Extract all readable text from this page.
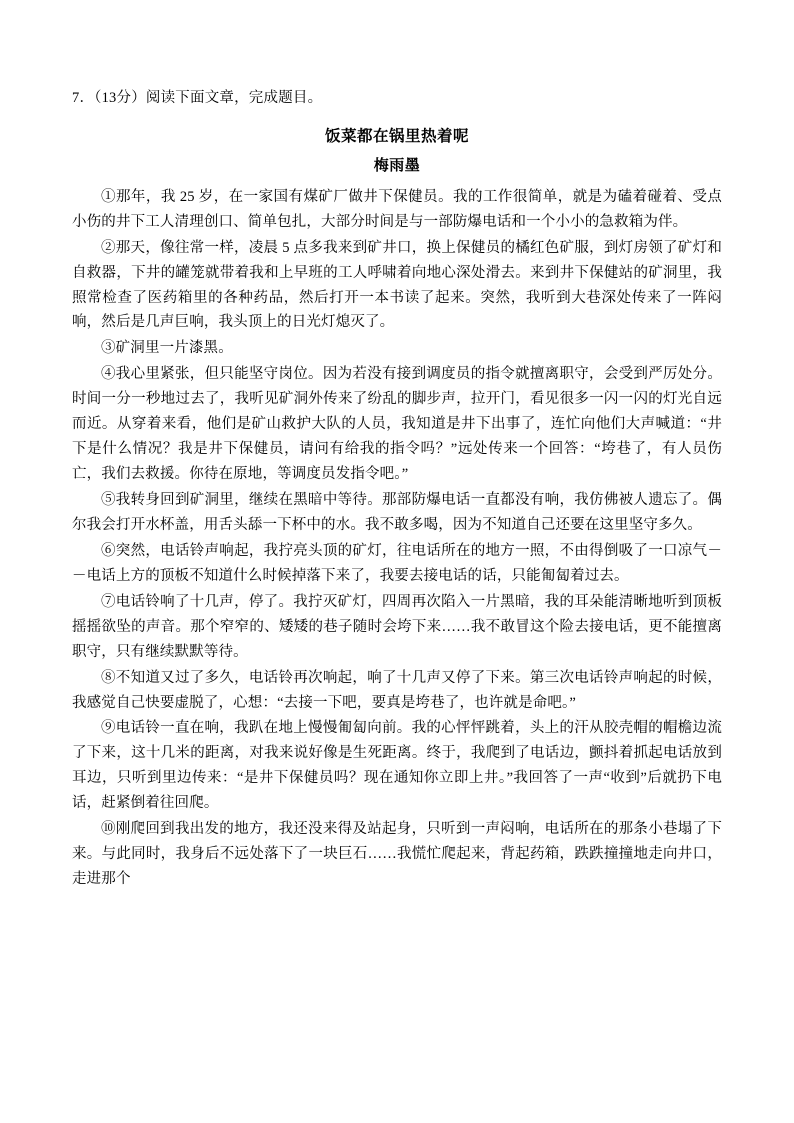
7．（13分）阅读下面文章，完成题目。

饭菜都在锅里热着呢
梅雨墨

①那年，我 25 岁，在一家国有煤矿厂做井下保健员。我的工作很简单，就是为磕着碰着、受点小伤的井下工人清理创口、简单包扎，大部分时间是与一部防爆电话和一个小小的急救箱为伴。

②那天，像往常一样，凌晨 5 点多我来到矿井口，换上保健员的橘红色矿服，到灯房领了矿灯和自救器，下井的罐笼就带着我和上早班的工人呼啸着向地心深处滑去。来到井下保健站的矿洞里，我照常检查了医药箱里的各种药品，然后打开一本书读了起来。突然，我听到大巷深处传来了一阵闷响，然后是几声巨响，我头顶上的日光灯熄灭了。

③矿洞里一片漆黑。

④我心里紧张，但只能坚守岗位。因为若没有接到调度员的指令就擅离职守，会受到严厉处分。时间一分一秒地过去了，我听见矿洞外传来了纷乱的脚步声，拉开门，看见很多一闪一闪的灯光自远而近。从穿着来看，他们是矿山救护大队的人员，我知道是井下出事了，连忙向他们大声喊道：“井下是什么情况？我是井下保健员，请问有给我的指令吗？”远处传来一个回答：“垮巷了，有人员伤亡，我们去救援。你待在原地，等调度员发指令吧。”

⑤我转身回到矿洞里，继续在黑暗中等待。那部防爆电话一直都没有响，我仿佛被人遗忘了。偶尔我会打开水杯盖，用舌头舔一下杯中的水。我不敢多喝，因为不知道自己还要在这里坚守多久。

⑥突然，电话铃声响起，我拧亮头顶的矿灯，往电话所在的地方一照，不由得倒吸了一口凉气－－电话上方的顶板不知道什么时候掉落下来了，我要去接电话的话，只能匍匐着过去。

⑦电话铃响了十几声，停了。我拧灭矿灯，四周再次陷入一片黑暗，我的耳朵能清晰地听到顶板摇摇欲坠的声音。那个窄窄的、矮矮的巷子随时会垮下来……我不敢冒这个险去接电话，更不能擅离职守，只有继续默默等待。

⑧不知道又过了多久，电话铃再次响起，响了十几声又停了下来。第三次电话铃声响起的时候，我感觉自己快要虚脱了，心想：“去接一下吧，要真是垮巷了，也许就是命吧。”

⑨电话铃一直在响，我趴在地上慢慢匍匐向前。我的心怦怦跳着，头上的汗从胶壳帽的帽檐边流了下来，这十几米的距离，对我来说好像是生死距离。终于，我爬到了电话边，颤抖着抓起电话放到耳边，只听到里边传来：“是井下保健员吗？现在通知你立即上井。”我回答了一声“收到”后就扔下电话，赶紧倒着往回爬。

⑩刚爬回到我出发的地方，我还没来得及站起身，只听到一声闷响，电话所在的那条小巷塌了下来。与此同时，我身后不远处落下了一块巨石……我慌忙爬起来，背起药箱，跌跌撞撞地走向井口，走进那个
